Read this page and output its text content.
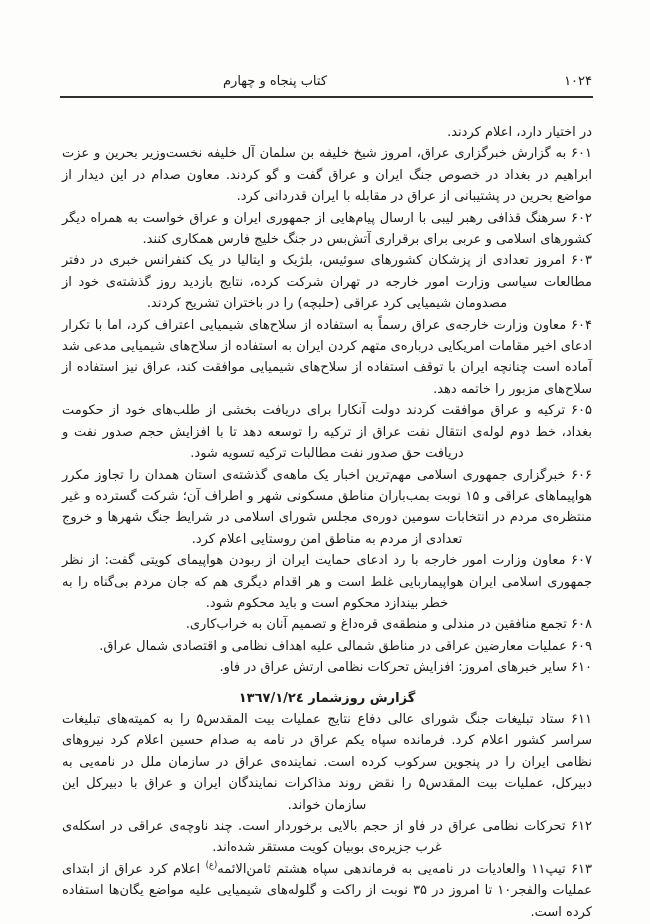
۱۰۲۴
کتاب پنجاه و چهارم

در اختیار دارد، اعلام کردند.

۶۰۱ به گزارش خبرگزاری عراق، امروز شیخ خلیفه بن سلمان آل خلیفه نخست‌وزیر بحرین و عزت ابراهیم در بغداد در خصوص جنگ ایران و عراق گفت و گو کردند. معاون صدام در این دیدار از مواضع بحرین در پشتیبانی از عراق در مقابله با ایران قدردانی کرد.

۶۰۲ سرهنگ قذافی رهبر لیبی با ارسال پیام‌هایی از جمهوری ایران و عراق خواست به همراه دیگر کشورهای اسلامی و عربی برای برقراری آتش‌بس در جنگ خلیج فارس همکاری کنند.

۶۰۳ امروز تعدادی از پزشکان کشورهای سوئیس، بلژیک و ایتالیا در یک کنفرانس خبری در دفتر مطالعات سیاسی وزارت امور خارجه در تهران شرکت کرده، نتایج بازدید روز گذشته‌ی خود از مصدومان شیمیایی کرد عراقی (حلبچه) را در باختران تشریح کردند.

۶۰۴ معاون وزارت خارجه‌ی عراق رسماً به استفاده از سلاح‌های شیمیایی اعتراف کرد، اما با تکرار ادعای اخیر مقامات امریکایی درباره‌ی متهم کردن ایران به استفاده از سلاح‌های شیمیایی مدعی شد آماده است چنانچه ایران با توقف استفاده از سلاح‌های شیمیایی موافقت کند، عراق نیز استفاده از سلاح‌های مزبور را خاتمه دهد.

۶۰۵ ترکیه و عراق موافقت کردند دولت آنکارا برای دریافت بخشی از طلب‌های خود از حکومت بغداد، خط دوم لوله‌ی انتقال نفت عراق از ترکیه را توسعه دهد تا با افزایش حجم صدور نفت و دریافت حق صدور نفت مطالبات ترکیه تسویه شود.

۶۰۶ خبرگزاری جمهوری اسلامی مهم‌ترین اخبار یک ماهه‌ی گذشته‌ی استان همدان را تجاوز مکرر هواپیماهای عراقی و ۱۵ نوبت بمب‌باران مناطق مسکونی شهر و اطراف آن؛ شرکت گسترده و غیر منتظره‌ی مردم در انتخابات سومین دوره‌ی مجلس شورای اسلامی در شرایط جنگ شهرها و خروج تعدادی از مردم به مناطق امن روستایی اعلام کرد.

۶۰۷ معاون وزارت امور خارجه با رد ادعای حمایت ایران از ربودن هواپیمای کویتی گفت: از نظر جمهوری اسلامی ایران هواپیماربایی غلط است و هر اقدام دیگری هم که جان مردم بی‌گناه را به خطر بیندازد محکوم است و باید محکوم شود.

۶۰۸ تجمع منافقین در مندلی و منطقه‌ی قره‌داغ و تصمیم آنان به خراب‌کاری.

۶۰۹ عملیات معارضین عراقی در مناطق شمالی علیه اهداف نظامی و اقتصادی شمال عراق.

۶۱۰ سایر خبرهای امروز: افزایش تحرکات نظامی ارتش عراق در فاو.

گزارش روزشمار ١٣٦٧/١/٢٤

۶۱۱ ستاد تبلیغات جنگ شورای عالی دفاع نتایج عملیات بیت المقدس۵ را به کمیته‌های تبلیغات سراسر کشور اعلام کرد. فرمانده سپاه یکم عراق در نامه به صدام حسین اعلام کرد نیروهای نظامی ایران را در پنجوین سرکوب کرده است. نماینده‌ی عراق در سازمان ملل در نامه‌یی به دبیرکل، عملیات بیت المقدس۵ را نقض روند مذاکرات نمایندگان ایران و عراق با دبیرکل این سازمان خواند.

۶۱۲ تحرکات نظامی عراق در فاو از حجم بالایی برخوردار است. چند ناوچه‌ی عراقی در اسکله‌ی غرب جزیره‌ی بوبیان کویت مستقر شده‌اند.

۶۱۳ تیپ۱۱ والعادیات در نامه‌یی به فرماندهی سپاه هشتم ثامن‌الائمه$^{(ع)}$ اعلام کرد عراق از ابتدای عملیات والفجر۱۰ تا امروز در ۳۵ نوبت از راکت و گلوله‌های شیمیایی علیه مواضع یگان‌ها استفاده کرده است.
